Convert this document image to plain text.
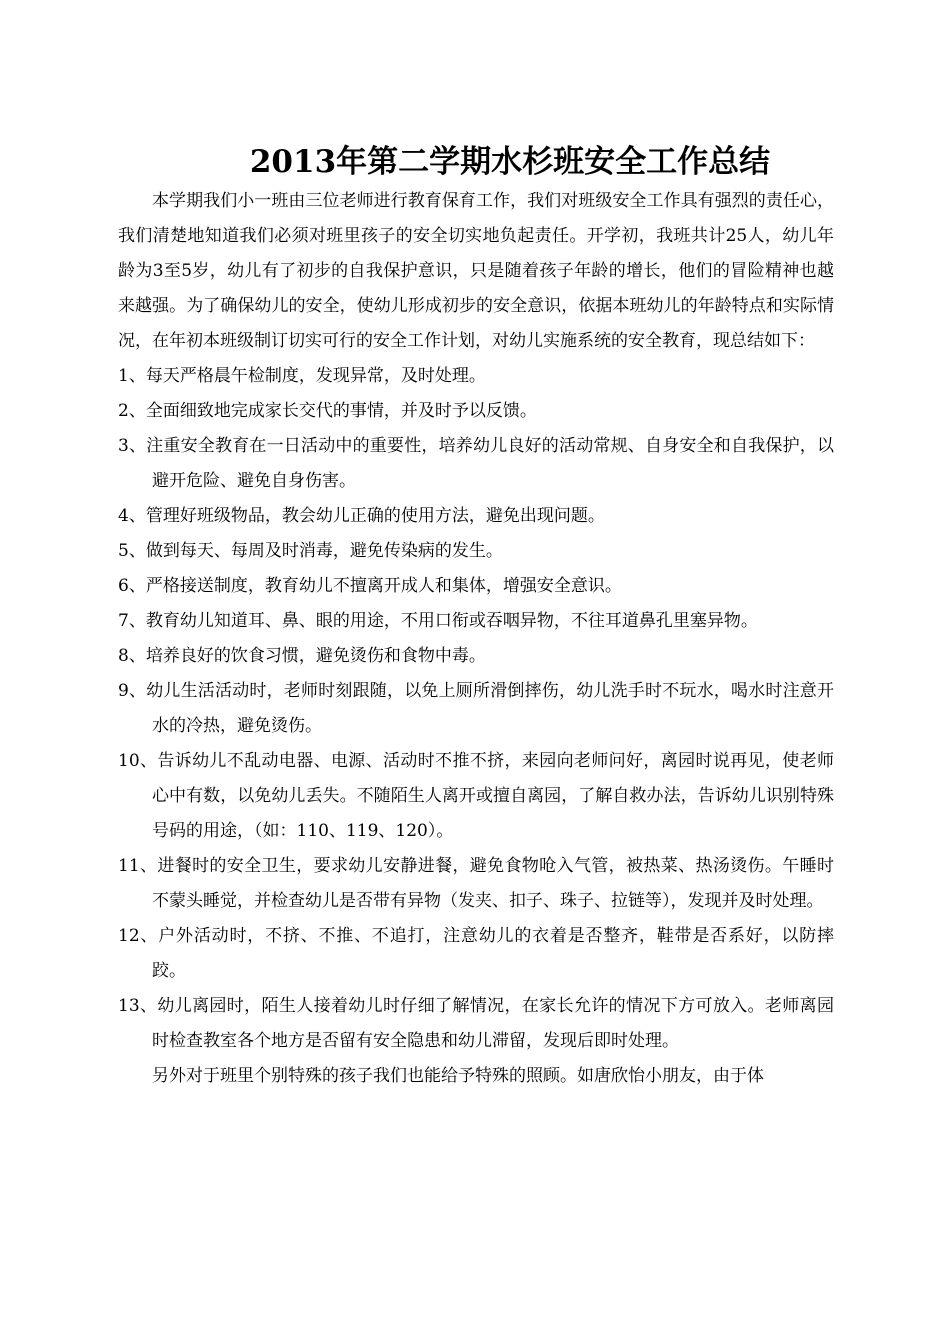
2013年第二学期水杉班安全工作总结

本学期我们小一班由三位老师进行教育保育工作，我们对班级安全工作具有强烈的责任心，我们清楚地知道我们必须对班里孩子的安全切实地负起责任。开学初，我班共计25人，幼儿年龄为3至5岁，幼儿有了初步的自我保护意识，只是随着孩子年龄的增长，他们的冒险精神也越来越强。为了确保幼儿的安全，使幼儿形成初步的安全意识，依据本班幼儿的年龄特点和实际情况，在年初本班级制订切实可行的安全工作计划，对幼儿实施系统的安全教育，现总结如下：

1、每天严格晨午检制度，发现异常，及时处理。

2、全面细致地完成家长交代的事情，并及时予以反馈。

3、注重安全教育在一日活动中的重要性，培养幼儿良好的活动常规、自身安全和自我保护，以避开危险、避免自身伤害。

4、管理好班级物品，教会幼儿正确的使用方法，避免出现问题。

5、做到每天、每周及时消毒，避免传染病的发生。

6、严格接送制度，教育幼儿不擅离开成人和集体，增强安全意识。

7、教育幼儿知道耳、鼻、眼的用途，不用口衔或吞咽异物，不往耳道鼻孔里塞异物。

8、培养良好的饮食习惯，避免烫伤和食物中毒。

9、幼儿生活活动时，老师时刻跟随，以免上厕所滑倒摔伤，幼儿洗手时不玩水，喝水时注意开水的冷热，避免烫伤。

10、告诉幼儿不乱动电器、电源、活动时不推不挤，来园向老师问好，离园时说再见，使老师心中有数，以免幼儿丢失。不随陌生人离开或擅自离园，了解自救办法，告诉幼儿识别特殊号码的用途，（如：110、119、120）。

11、进餐时的安全卫生，要求幼儿安静进餐，避免食物呛入气管，被热菜、热汤烫伤。午睡时不蒙头睡觉，并检查幼儿是否带有异物（发夹、扣子、珠子、拉链等），发现并及时处理。

12、户外活动时，不挤、不推、不追打，注意幼儿的衣着是否整齐，鞋带是否系好，以防摔跤。

13、幼儿离园时，陌生人接着幼儿时仔细了解情况，在家长允许的情况下方可放入。老师离园时检查教室各个地方是否留有安全隐患和幼儿滞留，发现后即时处理。

另外对于班里个别特殊的孩子我们也能给予特殊的照顾。如唐欣怡小朋友，由于体
